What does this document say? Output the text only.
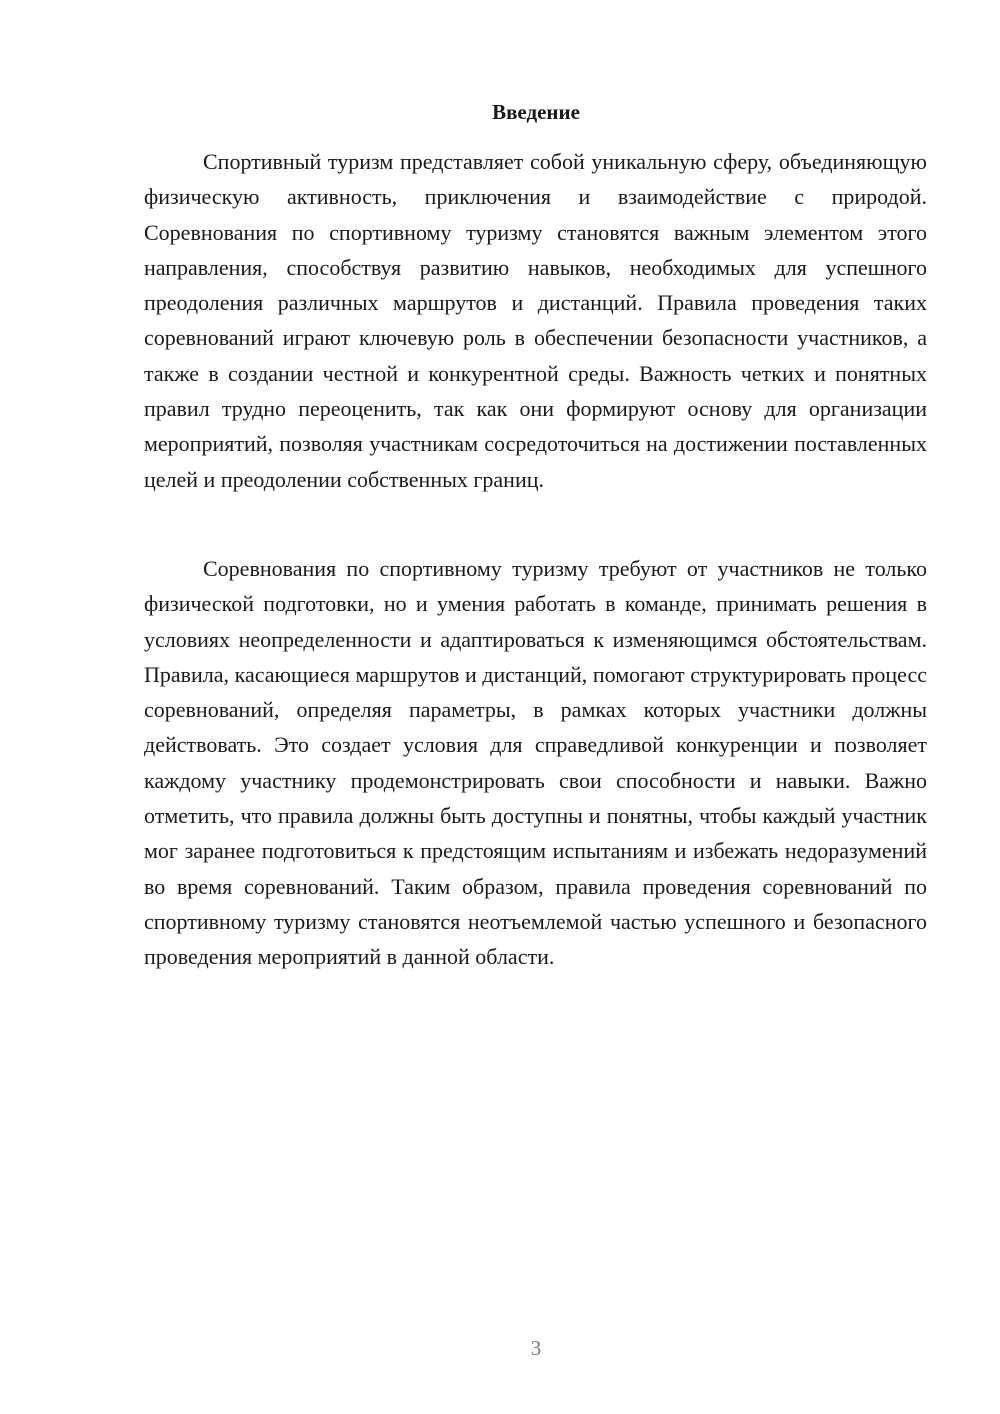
Введение

Спортивный туризм представляет собой уникальную сферу, объединяющую физическую активность, приключения и взаимодействие с природой. Соревнования по спортивному туризму становятся важным элементом этого направления, способствуя развитию навыков, необходимых для успешного преодоления различных маршрутов и дистанций. Правила проведения таких соревнований играют ключевую роль в обеспечении безопасности участников, а также в создании честной и конкурентной среды. Важность четких и понятных правил трудно переоценить, так как они формируют основу для организации мероприятий, позволяя участникам сосредоточиться на достижении поставленных целей и преодолении собственных границ.

Соревнования по спортивному туризму требуют от участников не только физической подготовки, но и умения работать в команде, принимать решения в условиях неопределенности и адаптироваться к изменяющимся обстоятельствам. Правила, касающиеся маршрутов и дистанций, помогают структурировать процесс соревнований, определяя параметры, в рамках которых участники должны действовать. Это создает условия для справедливой конкуренции и позволяет каждому участнику продемонстрировать свои способности и навыки. Важно отметить, что правила должны быть доступны и понятны, чтобы каждый участник мог заранее подготовиться к предстоящим испытаниям и избежать недоразумений во время соревнований. Таким образом, правила проведения соревнований по спортивному туризму становятся неотъемлемой частью успешного и безопасного проведения мероприятий в данной области.

3
